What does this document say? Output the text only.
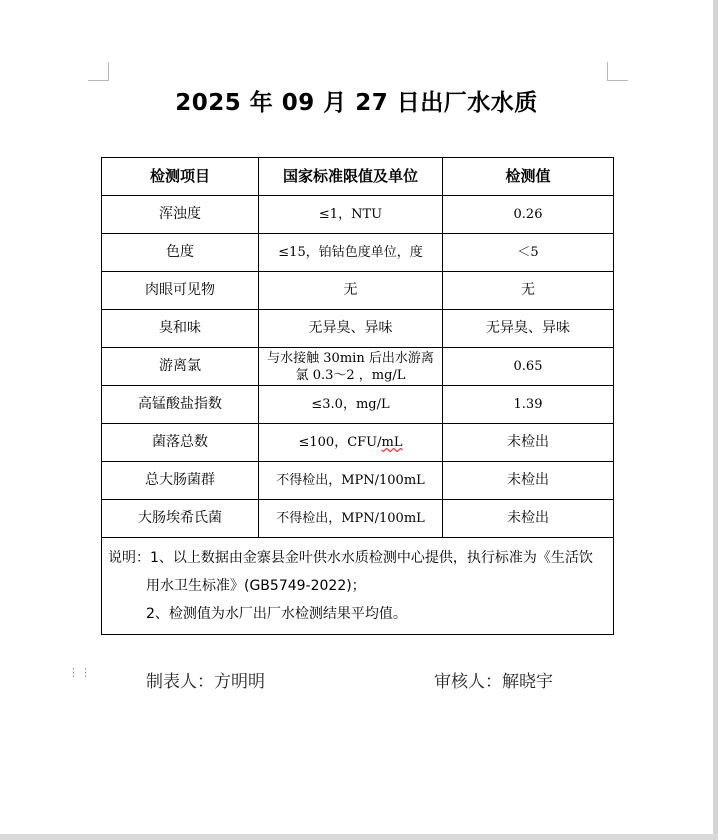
2025 年 09 月 27 日出厂水水质
检测项目	国家标准限值及单位	检测值
浑浊度	≤1，NTU	0.26
色度	≤15，铂钴色度单位，度	＜5
肉眼可见物	无	无
臭和味	无异臭、异味	无异臭、异味
游离氯	与水接触 30min 后出水游离氯 0.3～2 ，mg/L	0.65
高锰酸盐指数	≤3.0，mg/L	1.39
菌落总数	≤100，CFU/mL	未检出
总大肠菌群	不得检出，MPN/100mL	未检出
大肠埃希氏菌	不得检出，MPN/100mL	未检出

说明：1、以上数据由金寨县金叶供水水质检测中心提供，执行标准为《生活饮
用水卫生标准》(GB5749-2022)；
2、检测值为水厂出厂水检测结果平均值。		
⋮⋮	制表人：方明明	审核人：解晓宇
